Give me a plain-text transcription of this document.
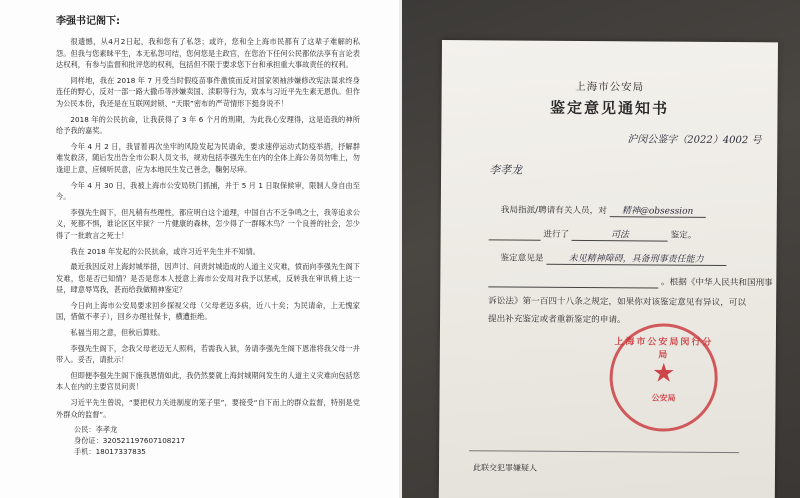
李强书记阁下:
很遗憾，从4月2日起，我和您有了私怨；或许，您和全上海市民都有了这辈子难解的私怨。但我与您素昧平生，本无私怨可结，您何您是主政官，在您治下任何公民都依法享有言论表达权利，有参与监督和批评您的权利，包括但不限于要求您下台和承担重大事故责任的权利。
同样地，我在 2018 年 7 月受当时假疫苗事件激愤而反对国家领袖涉嫌修改宪法谋求终身连任的野心，反对一部一路大撒币等涉嫌卖国、渎职等行为，致本与习近平先生素无恩仇。但作为公民本份，我还是在互联网封锁、“天眼”密布的严苛情形下挺身说不！
2018 年的公民抗命，让我获得了 3 年 6 个月的刑期，为此我心安理得，这是造我的神所给予我的嘉奖。
今年 4 月 2 日，我冒着再次坐牢的风险发起为民请命，要求速停运动式防疫举措，抒解群难发救济，随后发出告全市公职人员文书，规劝包括李强先生在内的全体上海公务员勿唯上，勿逢迎上意，应倾听民意，应为本地民生发己善念，鞠躬尽瘁。
今年 4 月 30 日，我被上海市公安局铁门抓捕，并于 5 月 1 日取保候审，限制人身自由至今。
李强先生阁下，但凡稍有些理性，都应明白这个道理，中国自古不乏争鸣之士，我等追求公义，死都不惧，谁论区区牢狱？一片健康的森林，怎少得了一群啄木鸟？一个良善的社会，怎少得了一批敢言之死士！
我在 2018 年发起的公民抗命，或许习近平先生并不知情。
最近我因反对上海封城举措，因声讨、问责封城造成的人道主义灾难，愤而向李强先生阁下发难，您是否已知情？是否是您本人授意上海市公安局对我予以惩戒，反转我在审讯椅上达一昼，肆意辱骂我，甚而给我做精神鉴定？
今日向上海市公安局要求回乡探视父母（父母老迈多病，近八十矣；为民请命，上无愧家国，惜做不孝子），回乡办理社保卡，横遭拒绝。
私福当用之意，但秋后算账。
李强先生阁下，念我父母老迈无人照料，若需我入狱，务请李强先生阁下恩准将我父母一并带入。妥否，请批示！
但即便李强先生阁下施我恩情如此，我仍然要就上海封城期间发生的人道主义灾难向包括您本人在内的主要官员问责！
习近平先生曾说，“要把权力关进制度的笼子里”，要接受“自下而上的群众监督，特别是党外群众的监督”。
公民：李孝龙
身份证：320521197607108217
手机：18017337835
上海市公安局
鉴定意见通知书
沪闵公鉴字（2022）4002 号
李孝龙
我局指派/聘请有关人员，对 精神@obsession
进行了	司法	鉴定。
鉴定意见是	未见精神障碍，具备刑事责任能力
。根据《中华人民共和国刑事
诉讼法》第一百四十八条之规定，如果你对该鉴定意见有异议，可以提出补充鉴定或者重新鉴定的申请。
上海市公安局闵行分局
★
公安局
此联交犯罪嫌疑人
